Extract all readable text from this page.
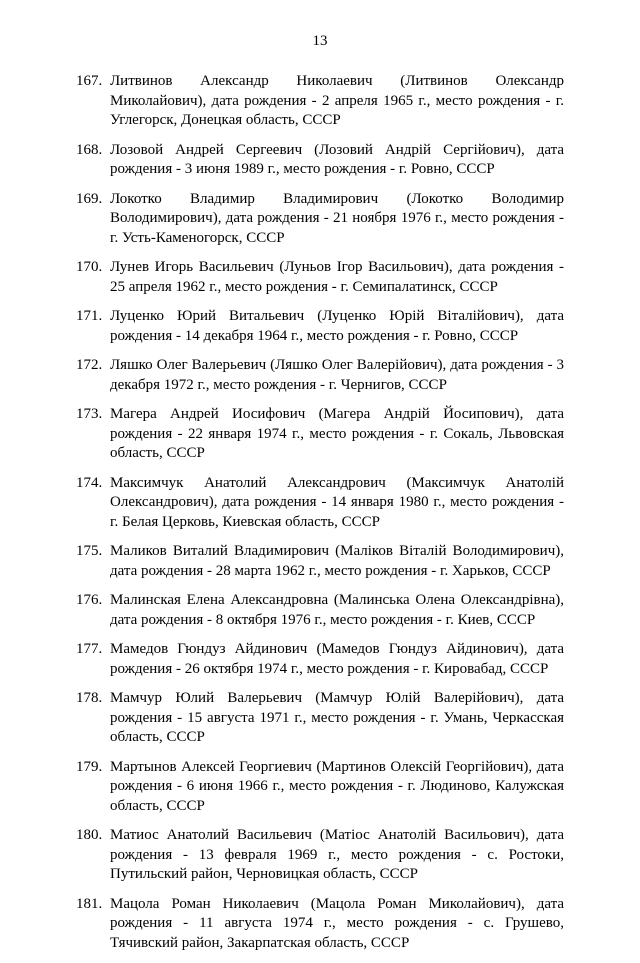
13
167. Литвинов Александр Николаевич (Литвинов Олександр Миколайович), дата рождения - 2 апреля 1965 г., место рождения - г. Углегорск, Донецкая область, СССР
168. Лозовой Андрей Сергеевич (Лозовий Андрій Сергійович), дата рождения - 3 июня 1989 г., место рождения - г. Ровно, СССР
169. Локотко Владимир Владимирович (Локотко Володимир Володимирович), дата рождения - 21 ноября 1976 г., место рождения - г. Усть-Каменогорск, СССР
170. Лунев Игорь Васильевич (Луньов Ігор Васильович), дата рождения - 25 апреля 1962 г., место рождения - г. Семипалатинск, СССР
171. Луценко Юрий Витальевич (Луценко Юрій Віталійович), дата рождения - 14 декабря 1964 г., место рождения - г. Ровно, СССР
172. Ляшко Олег Валерьевич (Ляшко Олег Валерійович), дата рождения - 3 декабря 1972 г., место рождения - г. Чернигов, СССР
173. Магера Андрей Иосифович (Магера Андрій Йосипович), дата рождения - 22 января 1974 г., место рождения - г. Сокаль, Львовская область, СССР
174. Максимчук Анатолий Александрович (Максимчук Анатолій Олександрович), дата рождения - 14 января 1980 г., место рождения - г. Белая Церковь, Киевская область, СССР
175. Маликов Виталий Владимирович (Маліков Віталій Володимирович), дата рождения - 28 марта 1962 г., место рождения - г. Харьков, СССР
176. Малинская Елена Александровна (Малинська Олена Олександрівна), дата рождения - 8 октября 1976 г., место рождения - г. Киев, СССР
177. Мамедов Гюндуз Айдинович (Мамедов Гюндуз Айдинович), дата рождения - 26 октября 1974 г., место рождения - г. Кировабад, СССР
178. Мамчур Юлий Валерьевич (Мамчур Юлій Валерійович), дата рождения - 15 августа 1971 г., место рождения - г. Умань, Черкасская область, СССР
179. Мартынов Алексей Георгиевич (Мартинов Олексій Георгійович), дата рождения - 6 июня 1966 г., место рождения - г. Людиново, Калужская область, СССР
180. Матиос Анатолий Васильевич (Матіос Анатолій Васильович), дата рождения - 13 февраля 1969 г., место рождения - с. Ростоки, Путильский район, Черновицкая область, СССР
181. Мацола Роман Николаевич (Мацола Роман Миколайович), дата рождения - 11 августа 1974 г., место рождения - с. Грушево, Тячивский район, Закарпатская область, СССР
